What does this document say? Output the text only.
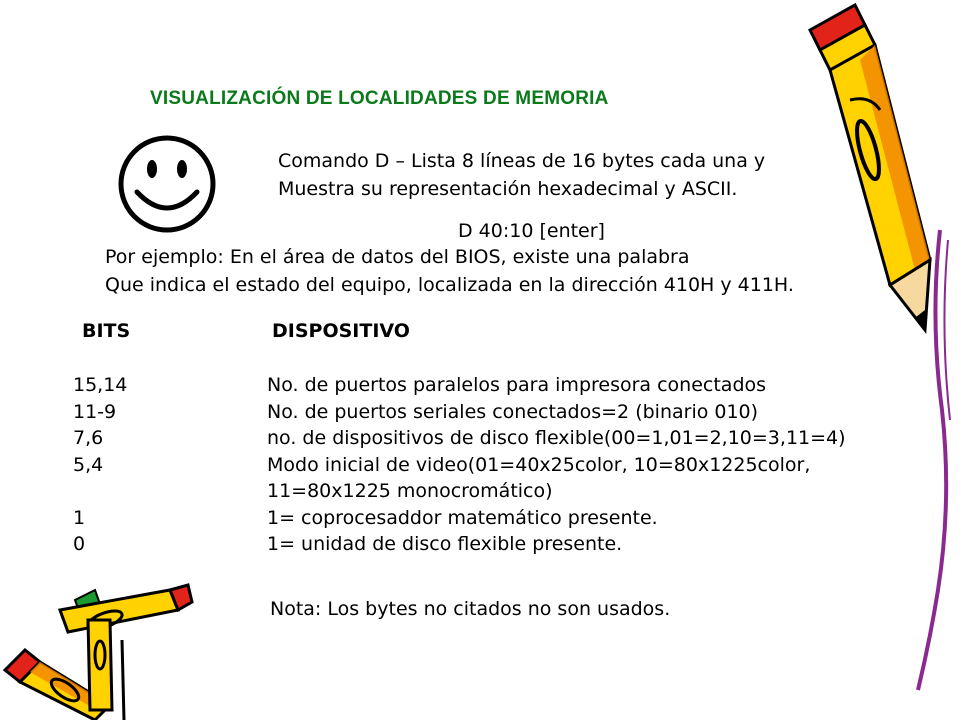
VISUALIZACIÓN DE LOCALIDADES DE MEMORIA
Comando D – Lista 8 líneas de 16 bytes cada una y
Muestra su representación hexadecimal y ASCII.
D 40:10 [enter]
Por ejemplo: En el área de datos del BIOS, existe una palabra
Que indica el estado del equipo, localizada en la dirección 410H y 411H.
BITS	DISPOSITIVO
15,14	No. de puertos paralelos para impresora conectados
11-9	No. de puertos seriales conectados=2 (binario 010)
7,6	no. de dispositivos de disco flexible(00=1,01=2,10=3,11=4)
5,4	Modo inicial de video(01=40x25color, 10=80x1225color,
11=80x1225 monocromático)
1	1= coprocesaddor matemático presente.
0	1= unidad de disco flexible presente.
Nota: Los bytes no citados no son usados.
